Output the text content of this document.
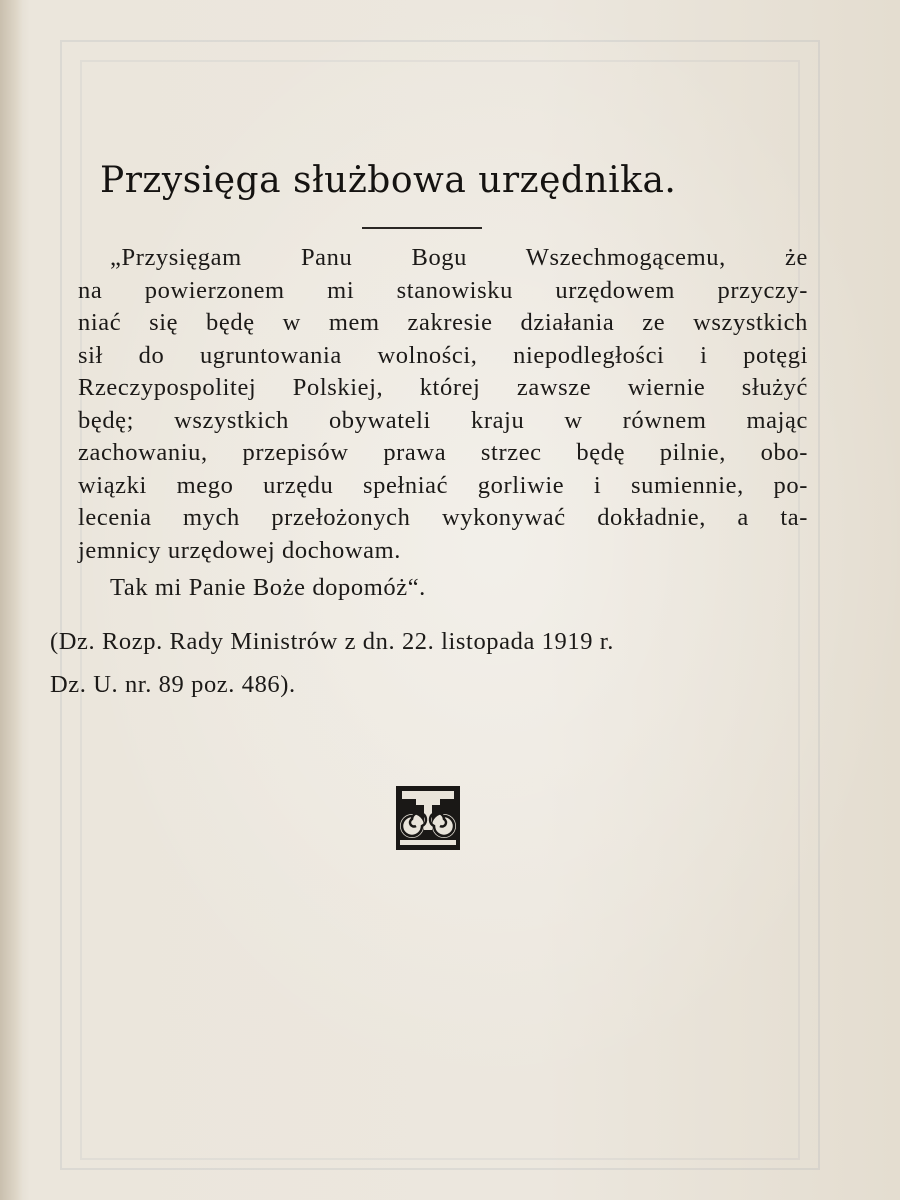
Przysięga służbowa urzędnika.
„Przysięgam Panu Bogu Wszechmogącemu, że
na powierzonem mi stanowisku urzędowem przyczy-
niać się będę w mem zakresie działania ze wszystkich
sił do ugruntowania wolności, niepodległości i potęgi
Rzeczypospolitej Polskiej, której zawsze wiernie służyć
będę; wszystkich obywateli kraju w równem mając
zachowaniu, przepisów prawa strzec będę pilnie, obo-
wiązki mego urzędu spełniać gorliwie i sumiennie, po-
lecenia mych przełożonych wykonywać dokładnie, a ta-
jemnicy urzędowej dochowam.
Tak mi Panie Boże dopomóż“.
(Dz. Rozp. Rady Ministrów z dn. 22. listopada 1919 r.
Dz. U. nr. 89 poz. 486).
